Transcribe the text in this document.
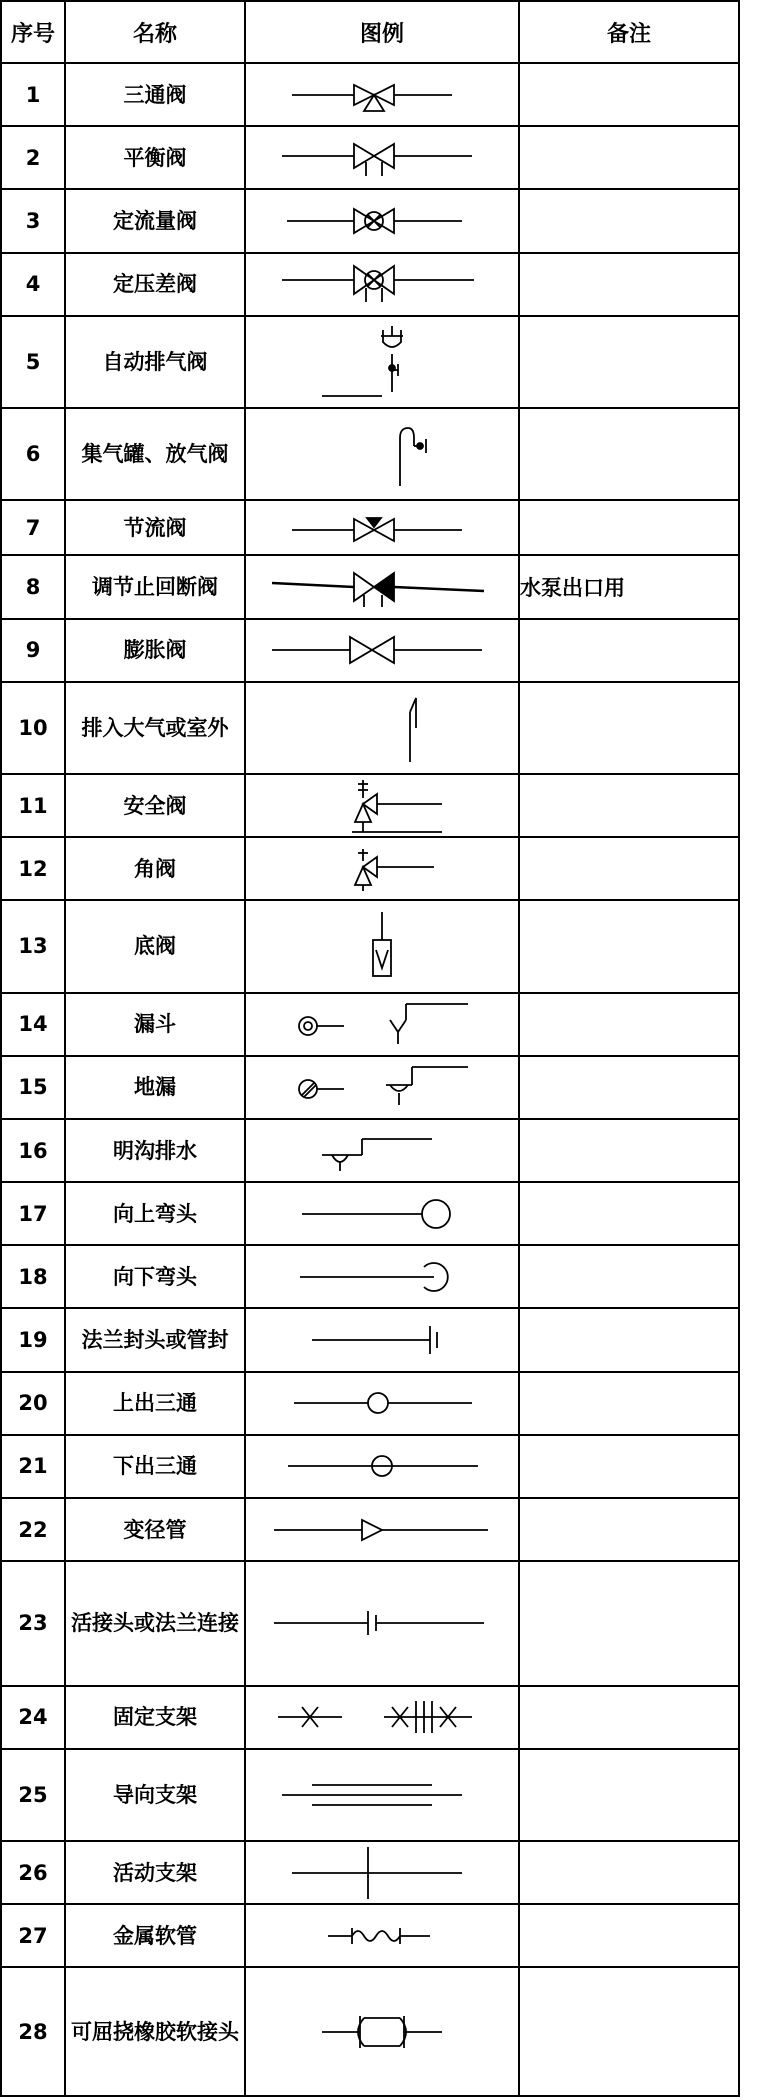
序号	名称	图例	备注
1	三通阀	

2	平衡阀	

3	定流量阀	

4	定压差阀	

5	自动排气阀	

6	集气罐、放气阀	

7	节流阀	

8	调节止回断阀		水泵出口用
9	膨胀阀	

10	排入大气或室外	

11	安全阀	

12	角阀	

13	底阀	

14	漏斗	

15	地漏	

16	明沟排水	

17	向上弯头	

18	向下弯头	

19	法兰封头或管封	

20	上出三通	

21	下出三通	

22	变径管	

23	活接头或法兰连接	

24	固定支架	

25	导向支架	

26	活动支架	

27	金属软管	

28	可屈挠橡胶软接头	
